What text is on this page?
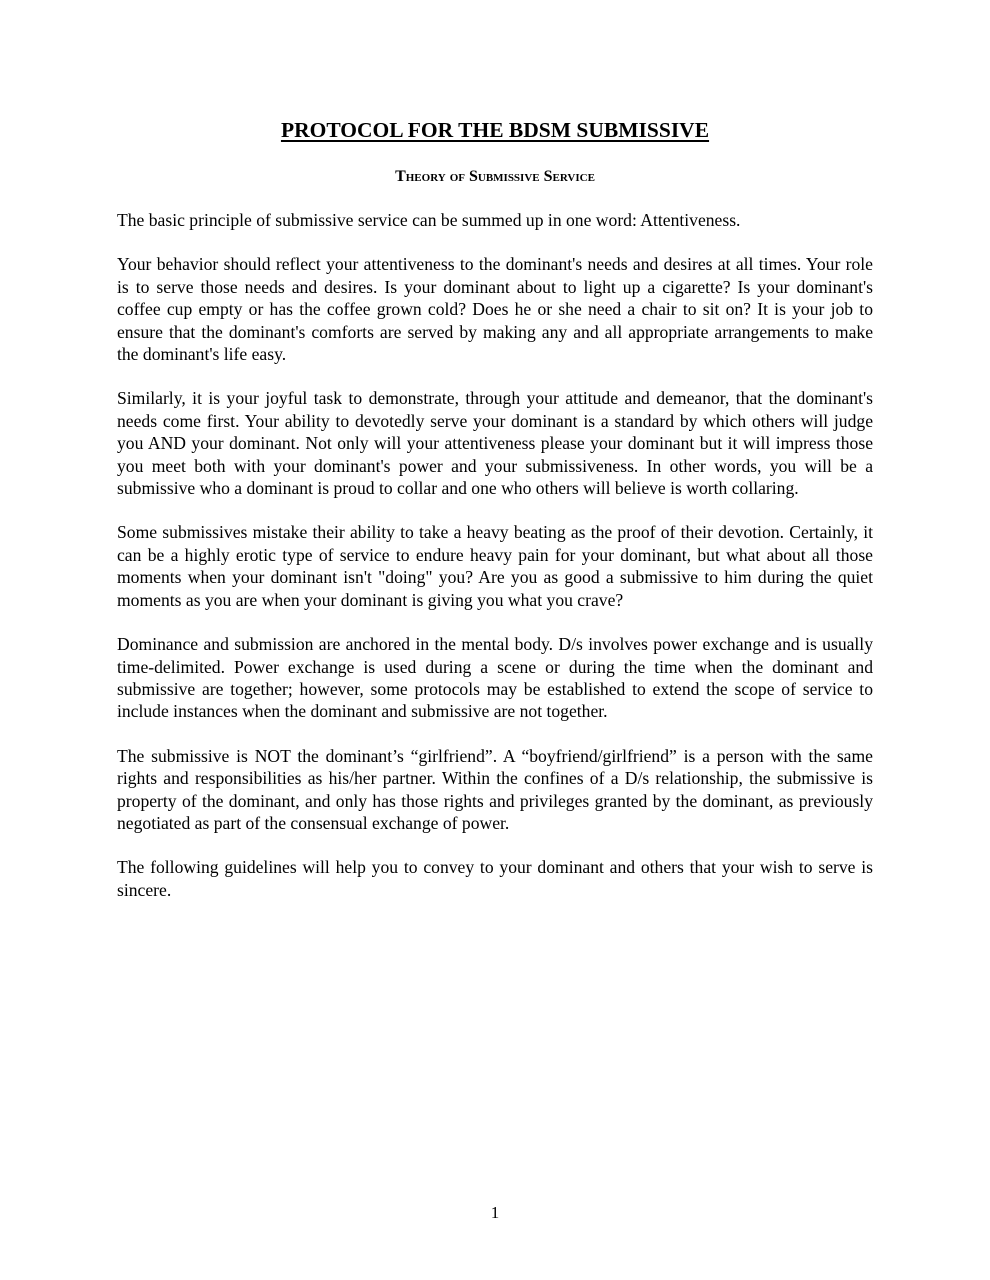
PROTOCOL FOR THE BDSM SUBMISSIVE
Theory of Submissive Service

The basic principle of submissive service can be summed up in one word: Attentiveness.

Your behavior should reflect your attentiveness to the dominant's needs and desires at all times. Your role is to serve those needs and desires. Is your dominant about to light up a cigarette? Is your dominant's coffee cup empty or has the coffee grown cold? Does he or she need a chair to sit on? It is your job to ensure that the dominant's comforts are served by making any and all appropriate arrangements to make the dominant's life easy.

Similarly, it is your joyful task to demonstrate, through your attitude and demeanor, that the dominant's needs come first. Your ability to devotedly serve your dominant is a standard by which others will judge you AND your dominant. Not only will your attentiveness please your dominant but it will impress those you meet both with your dominant's power and your submissiveness. In other words, you will be a submissive who a dominant is proud to collar and one who others will believe is worth collaring.

Some submissives mistake their ability to take a heavy beating as the proof of their devotion. Certainly, it can be a highly erotic type of service to endure heavy pain for your dominant, but what about all those moments when your dominant isn't "doing" you? Are you as good a submissive to him during the quiet moments as you are when your dominant is giving you what you crave?

Dominance and submission are anchored in the mental body. D/s involves power exchange and is usually time-delimited. Power exchange is used during a scene or during the time when the dominant and submissive are together; however, some protocols may be established to extend the scope of service to include instances when the dominant and submissive are not together.

The submissive is NOT the dominant’s “girlfriend”. A “boyfriend/girlfriend” is a person with the same rights and responsibilities as his/her partner. Within the confines of a D/s relationship, the submissive is property of the dominant, and only has those rights and privileges granted by the dominant, as previously negotiated as part of the consensual exchange of power.

The following guidelines will help you to convey to your dominant and others that your wish to serve is sincere.

1
